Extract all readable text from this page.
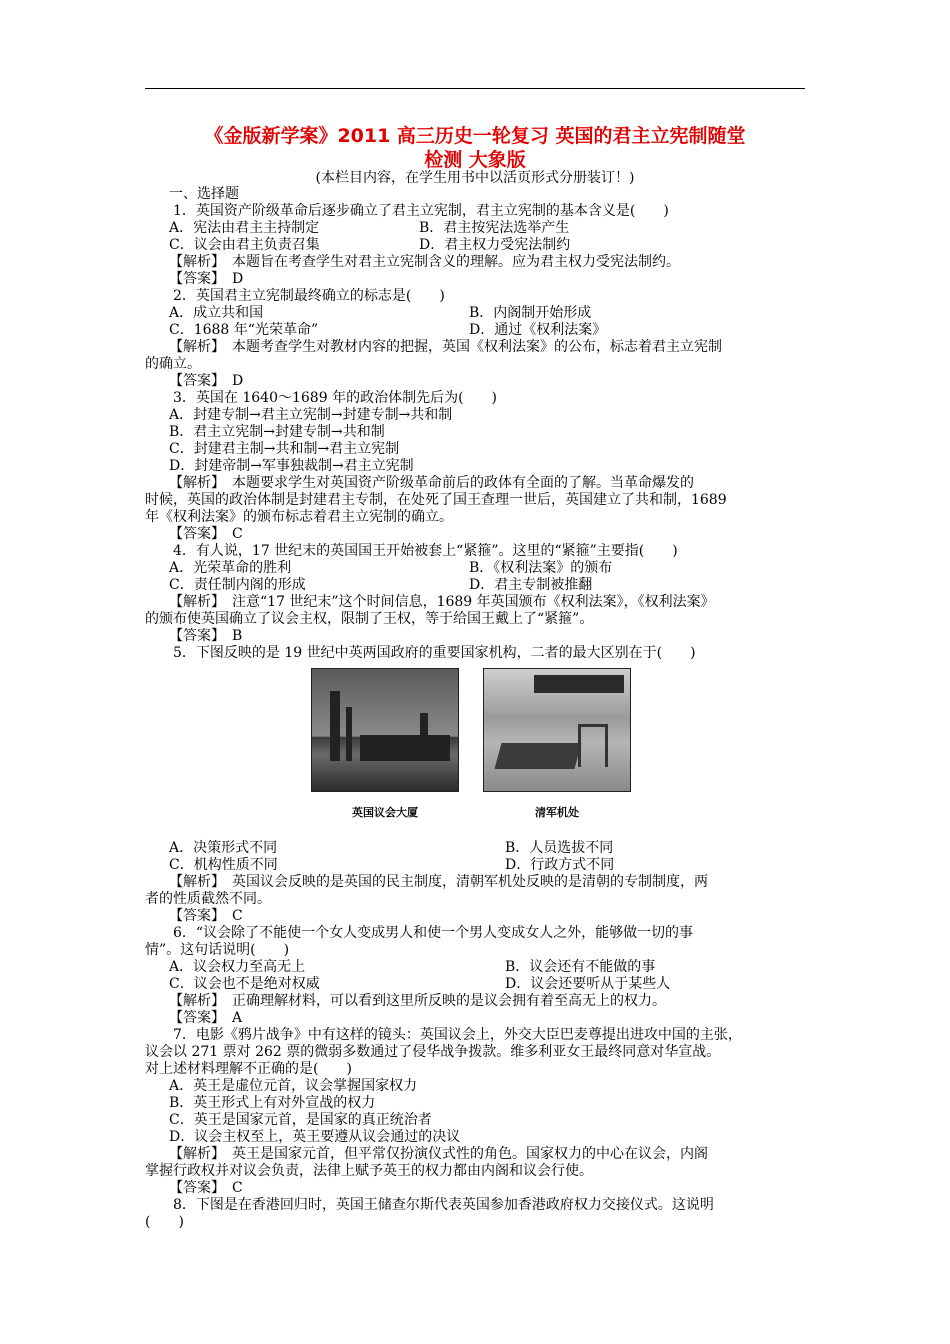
《金版新学案》2011 高三历史一轮复习 英国的君主立宪制随堂
检测 大象版
(本栏目内容，在学生用书中以活页形式分册装订！)
一、选择题
1．英国资产阶级革命后逐步确立了君主立宪制，君主立宪制的基本含义是(　　)
A．宪法由君主主持制定	B．君主按宪法选举产生
C．议会由君主负责召集	D．君主权力受宪法制约
【解析】　本题旨在考查学生对君主立宪制含义的理解。应为君主权力受宪法制约。
【答案】　D
2．英国君主立宪制最终确立的标志是(　　)
A．成立共和国	B．内阁制开始形成
C．1688 年“光荣革命”	D．通过《权利法案》
【解析】　本题考查学生对教材内容的把握，英国《权利法案》的公布，标志着君主立宪制
的确立。
【答案】　D
3．英国在 1640～1689 年的政治体制先后为(　　)
A．封建专制→君主立宪制→封建专制→共和制
B．君主立宪制→封建专制→共和制
C．封建君主制→共和制→君主立宪制
D．封建帝制→军事独裁制→君主立宪制
【解析】　本题要求学生对英国资产阶级革命前后的政体有全面的了解。当革命爆发的
时候，英国的政治体制是封建君主专制，在处死了国王查理一世后，英国建立了共和制，1689
年《权利法案》的颁布标志着君主立宪制的确立。
【答案】　C
4．有人说，17 世纪末的英国国王开始被套上“紧箍”。这里的“紧箍”主要指(　　)
A．光荣革命的胜利	B．《权利法案》的颁布
C．责任制内阁的形成	D．君主专制被推翻
【解析】　注意“17 世纪末”这个时间信息，1689 年英国颁布《权利法案》，《权利法案》
的颁布使英国确立了议会主权，限制了王权，等于给国王戴上了“紧箍”。
【答案】　B
5．下图反映的是 19 世纪中英两国政府的重要国家机构，二者的最大区别在于(　　)
英国议会大厦	清军机处
A．决策形式不同	B．人员选拔不同
C．机构性质不同	D．行政方式不同
【解析】　英国议会反映的是英国的民主制度，清朝军机处反映的是清朝的专制制度，两
者的性质截然不同。
【答案】　C
6．“议会除了不能使一个女人变成男人和使一个男人变成女人之外，能够做一切的事
情”。这句话说明(　　)
A．议会权力至高无上	B．议会还有不能做的事
C．议会也不是绝对权威	D．议会还要听从于某些人
【解析】　正确理解材料，可以看到这里所反映的是议会拥有着至高无上的权力。
【答案】　A
7．电影《鸦片战争》中有这样的镜头：英国议会上，外交大臣巴麦尊提出进攻中国的主张，
议会以 271 票对 262 票的微弱多数通过了侵华战争拨款。维多利亚女王最终同意对华宣战。
对上述材料理解不正确的是(　　)
A．英王是虚位元首，议会掌握国家权力
B．英王形式上有对外宣战的权力
C．英王是国家元首，是国家的真正统治者
D．议会主权至上，英王要遵从议会通过的决议
【解析】　英王是国家元首，但平常仅扮演仪式性的角色。国家权力的中心在议会，内阁
掌握行政权并对议会负责，法律上赋予英王的权力都由内阁和议会行使。
【答案】　C
8．下图是在香港回归时，英国王储查尔斯代表英国参加香港政府权力交接仪式。这说明
(　　)
